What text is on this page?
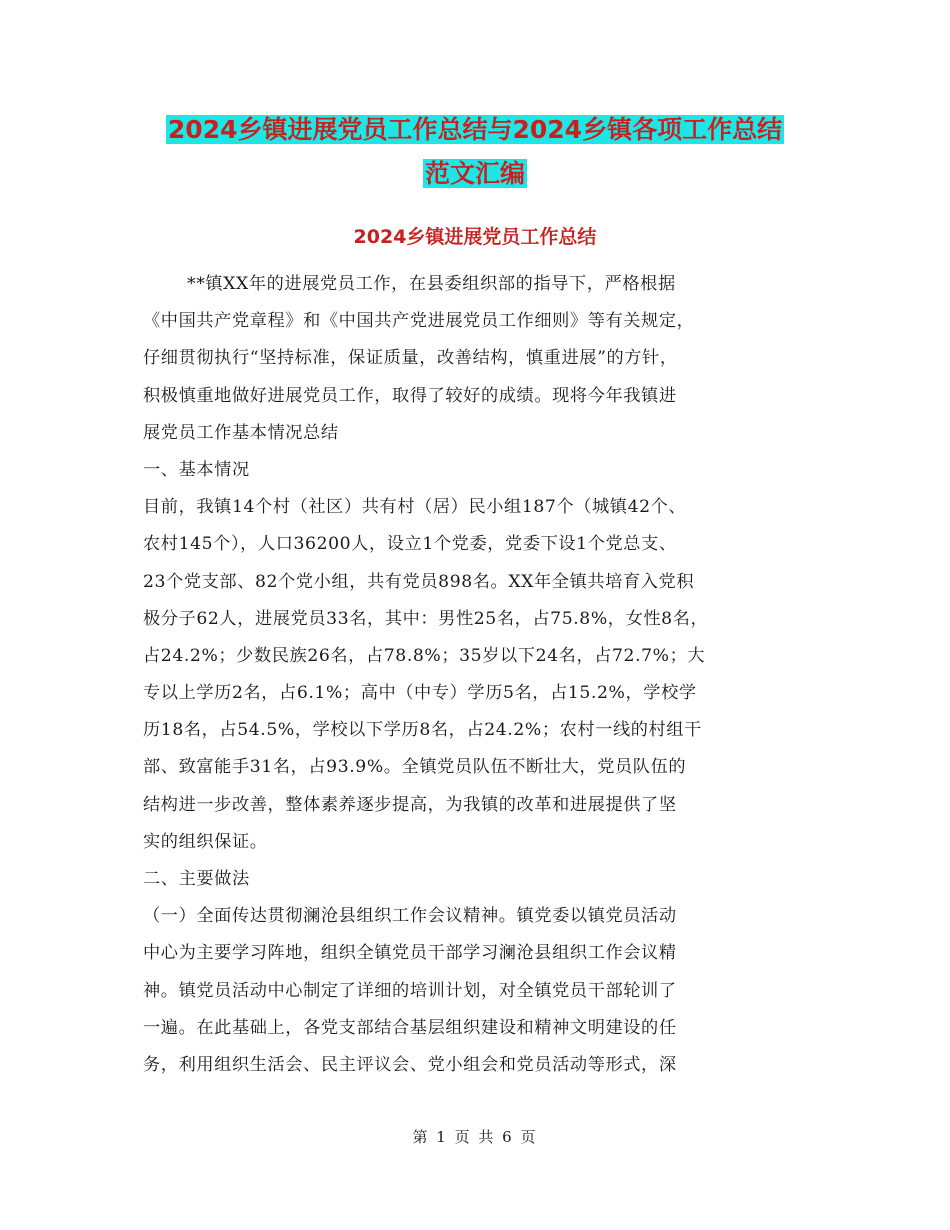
2024乡镇进展党员工作总结与2024乡镇各项工作总结
范文汇编
2024乡镇进展党员工作总结
**镇XX年的进展党员工作，在县委组织部的指导下，严格根据
《中国共产党章程》和《中国共产党进展党员工作细则》等有关规定，
仔细贯彻执行“坚持标准，保证质量，改善结构，慎重进展”的方针，
积极慎重地做好进展党员工作，取得了较好的成绩。现将今年我镇进
展党员工作基本情况总结
一、基本情况
目前，我镇14个村（社区）共有村（居）民小组187个（城镇42个、
农村145个），人口36200人，设立1个党委，党委下设1个党总支、
23个党支部、82个党小组，共有党员898名。XX年全镇共培育入党积
极分子62人，进展党员33名，其中：男性25名，占75.8%，女性8名，
占24.2%；少数民族26名，占78.8%；35岁以下24名，占72.7%；大
专以上学历2名，占6.1%；高中（中专）学历5名，占15.2%，学校学
历18名，占54.5%，学校以下学历8名，占24.2%；农村一线的村组干
部、致富能手31名，占93.9%。全镇党员队伍不断壮大，党员队伍的
结构进一步改善，整体素养逐步提高，为我镇的改革和进展提供了坚
实的组织保证。
二、主要做法
（一）全面传达贯彻澜沧县组织工作会议精神。镇党委以镇党员活动
中心为主要学习阵地，组织全镇党员干部学习澜沧县组织工作会议精
神。镇党员活动中心制定了详细的培训计划，对全镇党员干部轮训了
一遍。在此基础上，各党支部结合基层组织建设和精神文明建设的任
务，利用组织生活会、民主评议会、党小组会和党员活动等形式，深
第 1 页 共 6 页
